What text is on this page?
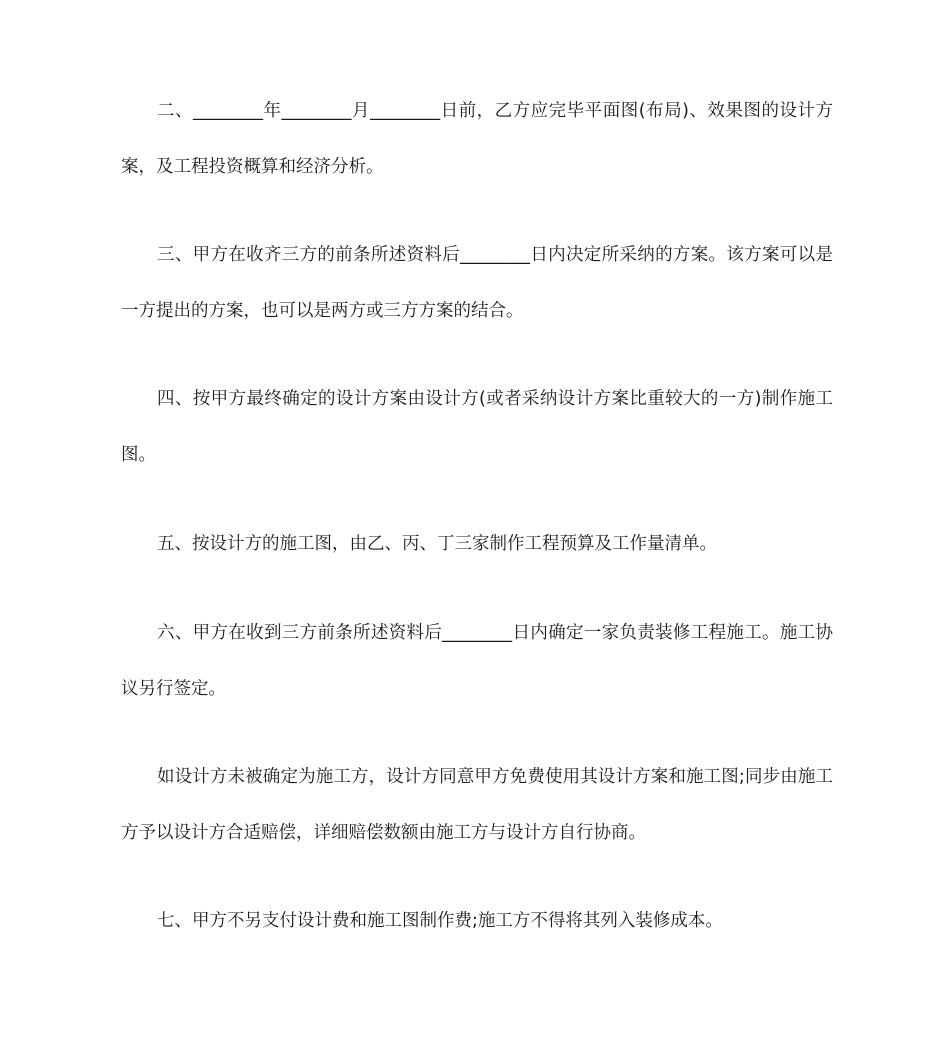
二、________年________月________日前，乙方应完毕平面图(布局)、效果图的设计方案，及工程投资概算和经济分析。

三、甲方在收齐三方的前条所述资料后________日内决定所采纳的方案。该方案可以是一方提出的方案，也可以是两方或三方方案的结合。

四、按甲方最终确定的设计方案由设计方(或者采纳设计方案比重较大的一方)制作施工图。

五、按设计方的施工图，由乙、丙、丁三家制作工程预算及工作量清单。

六、甲方在收到三方前条所述资料后________日内确定一家负责装修工程施工。施工协议另行签定。

如设计方未被确定为施工方，设计方同意甲方免费使用其设计方案和施工图;同步由施工方予以设计方合适赔偿，详细赔偿数额由施工方与设计方自行协商。

七、甲方不另支付设计费和施工图制作费;施工方不得将其列入装修成本。
